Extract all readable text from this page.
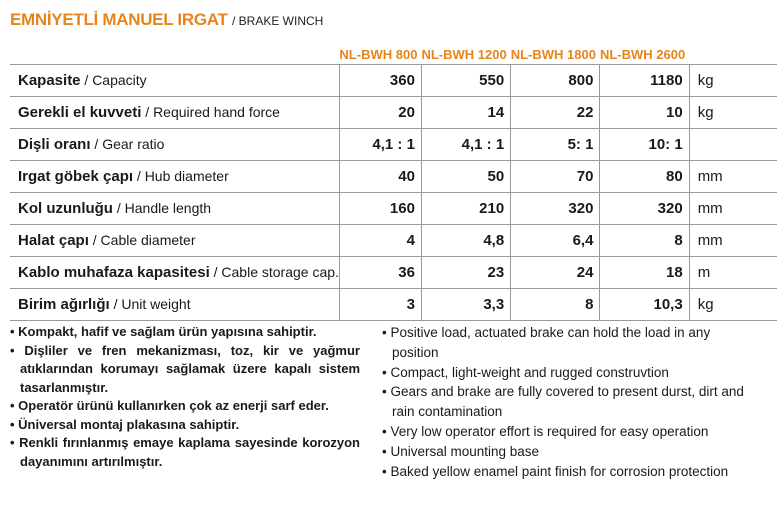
EMNİYETLİ MANUEL IRGAT / BRAKE WINCH
	NL-BWH 800	NL-BWH 1200	NL-BWH 1800	NL-BWH 2600	
Kapasite / Capacity	360	550	800	1180	kg
Gerekli el kuvveti / Required hand force	20	14	22	10	kg
Dişli oranı / Gear ratio	4,1 : 1	4,1 : 1	5: 1	10: 1	
Irgat göbek çapı / Hub diameter	40	50	70	80	mm
Kol uzunluğu / Handle length	160	210	320	320	mm
Halat çapı / Cable diameter	4	4,8	6,4	8	mm
Kablo muhafaza kapasitesi / Cable storage cap.	36	23	24	18	m
Birim ağırlığı / Unit weight	3	3,3	8	10,3	kg
• Kompakt, hafif ve sağlam ürün yapısına sahiptir.
• Dişliler ve fren mekanizması, toz, kir ve yağmur atıklarından korumayı sağlamak üzere kapalı sistem tasarlanmıştır.
• Operatör ürünü kullanırken çok az enerji sarf eder.
• Üniversal montaj plakasına sahiptir.
• Renkli fırınlanmış emaye kaplama sayesinde korozyon dayanımını artırılmıştır.
• Positive load, actuated brake can hold the load in any position
• Compact, light-weight and rugged construvtion
• Gears and brake are fully covered to present durst, dirt and rain contamination
• Very low operator effort is required for easy operation
• Universal mounting base
• Baked yellow enamel paint finish for corrosion protection
